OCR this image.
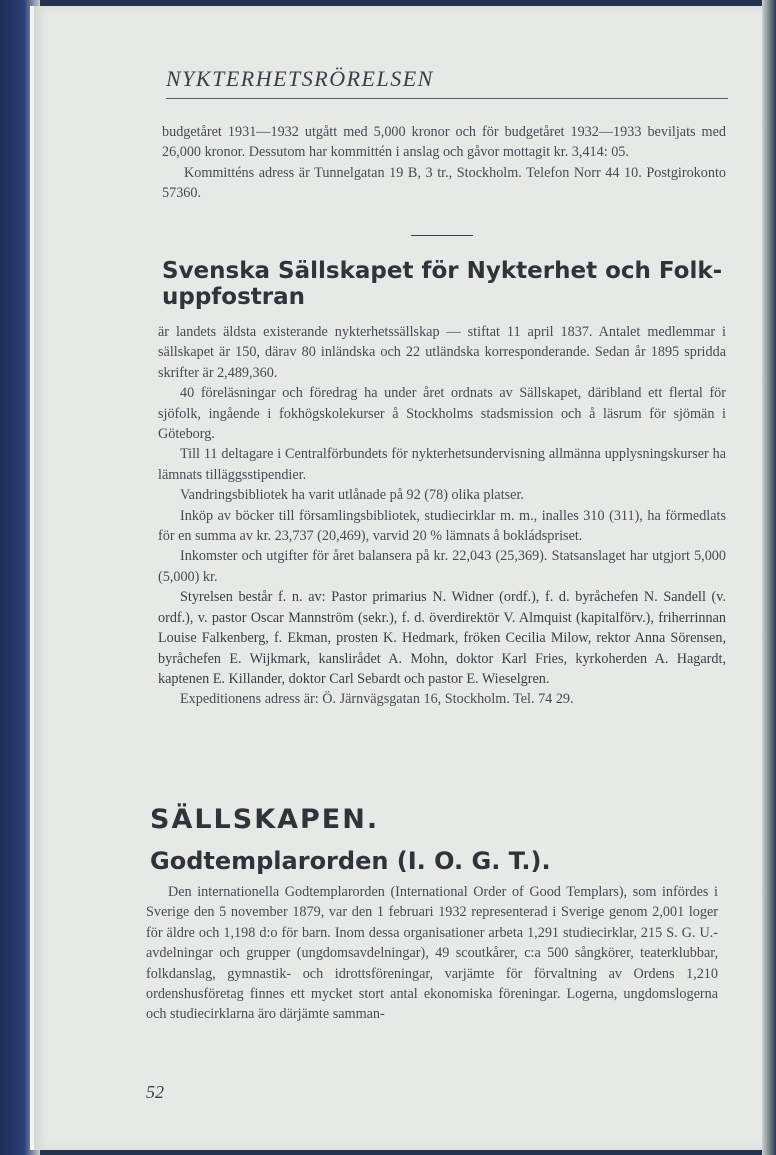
NYKTERHETSRÖRELSEN

budgetåret 1931—1932 utgått med 5,000 kronor och för budgetåret 1932—1933 beviljats med 26,000 kronor. Dessutom har kommittén i anslag och gåvor mottagit kr. 3,414: 05.

Kommitténs adress är Tunnelgatan 19 B, 3 tr., Stockholm. Telefon Norr 44 10. Postgirokonto 57360.

Svenska Sällskapet för Nykterhet och Folk-uppfostran

är landets äldsta existerande nykterhetssällskap — stiftat 11 april 1837. Antalet medlemmar i sällskapet är 150, därav 80 inländska och 22 utländska korresponderande. Sedan år 1895 spridda skrifter är 2,489,360.

40 föreläsningar och föredrag ha under året ordnats av Sällskapet, däribland ett flertal för sjöfolk, ingående i fokhögskolekurser å Stockholms stadsmission och å läsrum för sjömän i Göteborg.

Till 11 deltagare i Centralförbundets för nykterhetsundervisning allmänna upplysningskurser ha lämnats tilläggsstipendier.

Vandringsbibliotek ha varit utlånade på 92 (78) olika platser.

Inköp av böcker till församlingsbibliotek, studiecirklar m. m., inalles 310 (311), ha förmedlats för en summa av kr. 23,737 (20,469), varvid 20 % lämnats å bokládspriset.

Inkomster och utgifter för året balansera på kr. 22,043 (25,369). Statsanslaget har utgjort 5,000 (5,000) kr.

Styrelsen består f. n. av: Pastor primarius N. Widner (ordf.), f. d. byråchefen N. Sandell (v. ordf.), v. pastor Oscar Mannström (sekr.), f. d. överdirektör V. Almquist (kapitalförv.), friherrinnan Louise Falkenberg, f. Ekman, prosten K. Hedmark, fröken Cecilia Milow, rektor Anna Sörensen, byråchefen E. Wijkmark, kanslirådet A. Mohn, doktor Karl Fries, kyrkoherden A. Hagardt, kaptenen E. Killander, doktor Carl Sebardt och pastor E. Wieselgren.

Expeditionens adress är: Ö. Järnvägsgatan 16, Stockholm. Tel. 74 29.

SÄLLSKAPEN.
Godtemplarorden (I. O. G. T.).

Den internationella Godtemplarorden (International Order of Good Templars), som infördes i Sverige den 5 november 1879, var den 1 februari 1932 representerad i Sverige genom 2,001 loger för äldre och 1,198 d:o för barn. Inom dessa organisationer arbeta 1,291 studiecirklar, 215 S. G. U.-avdelningar och grupper (ungdomsavdelningar), 49 scoutkårer, c:a 500 sångkörer, teaterklubbar, folkdanslag, gymnastik- och idrottsföreningar, varjämte för förvaltning av Ordens 1,210 ordenshusföretag finnes ett mycket stort antal ekonomiska föreningar. Logerna, ungdomslogerna och studiecirklarna äro därjämte samman-

52
